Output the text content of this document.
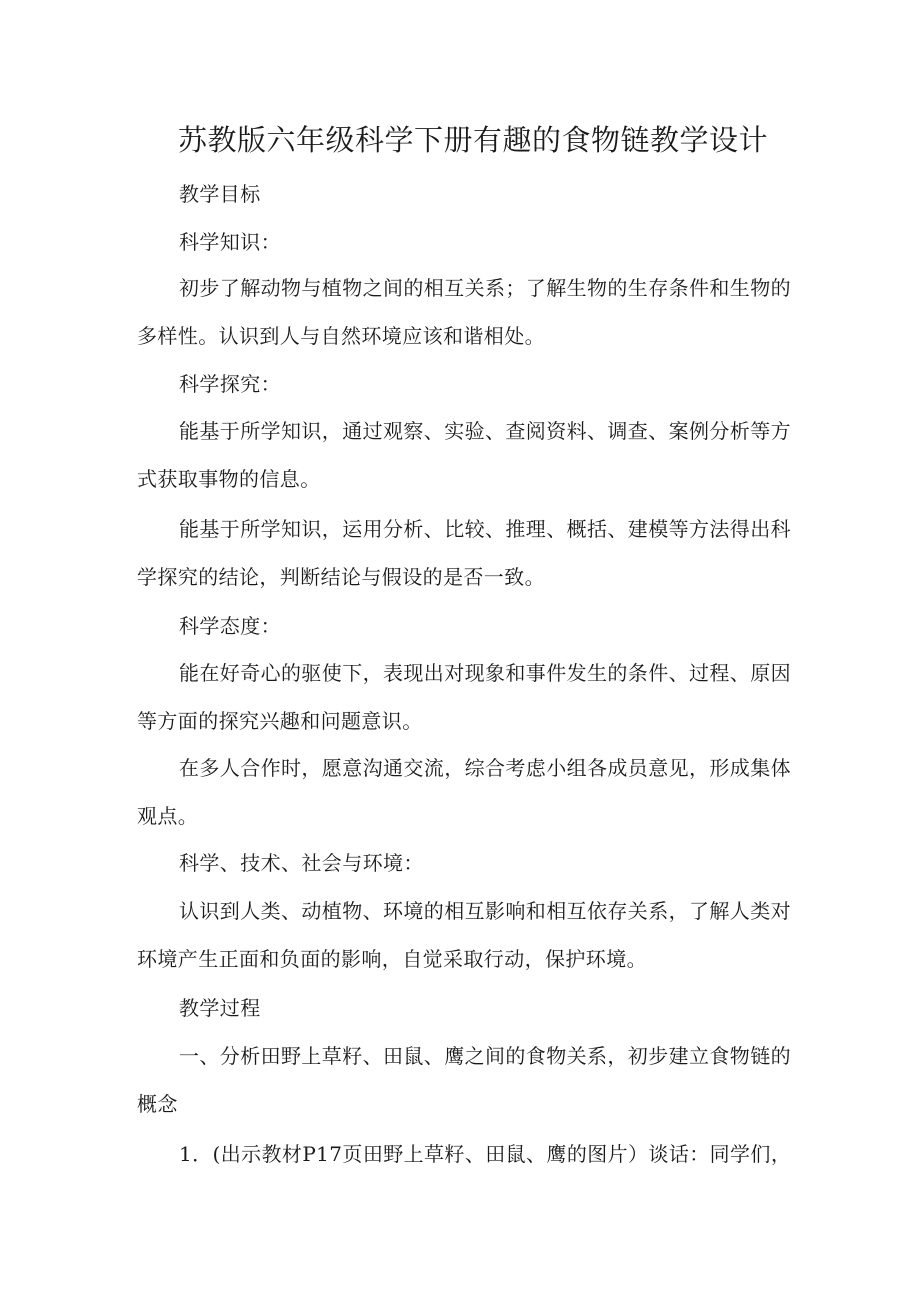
苏教版六年级科学下册有趣的食物链教学设计
教学目标
科学知识：
初步了解动物与植物之间的相互关系；了解生物的生存条件和生物的
多样性。认识到人与自然环境应该和谐相处。
科学探究：
能基于所学知识，通过观察、实验、查阅资料、调查、案例分析等方
式获取事物的信息。
能基于所学知识，运用分析、比较、推理、概括、建模等方法得出科
学探究的结论，判断结论与假设的是否一致。
科学态度：
能在好奇心的驱使下，表现出对现象和事件发生的条件、过程、原因
等方面的探究兴趣和问题意识。
在多人合作时，愿意沟通交流，综合考虑小组各成员意见，形成集体
观点。
科学、技术、社会与环境：
认识到人类、动植物、环境的相互影响和相互依存关系，了解人类对
环境产生正面和负面的影响，自觉采取行动，保护环境。
教学过程
一、分析田野上草籽、田鼠、鹰之间的食物关系，初步建立食物链的
概念
1．(出示教材P17页田野上草籽、田鼠、鹰的图片）谈话：同学们，
